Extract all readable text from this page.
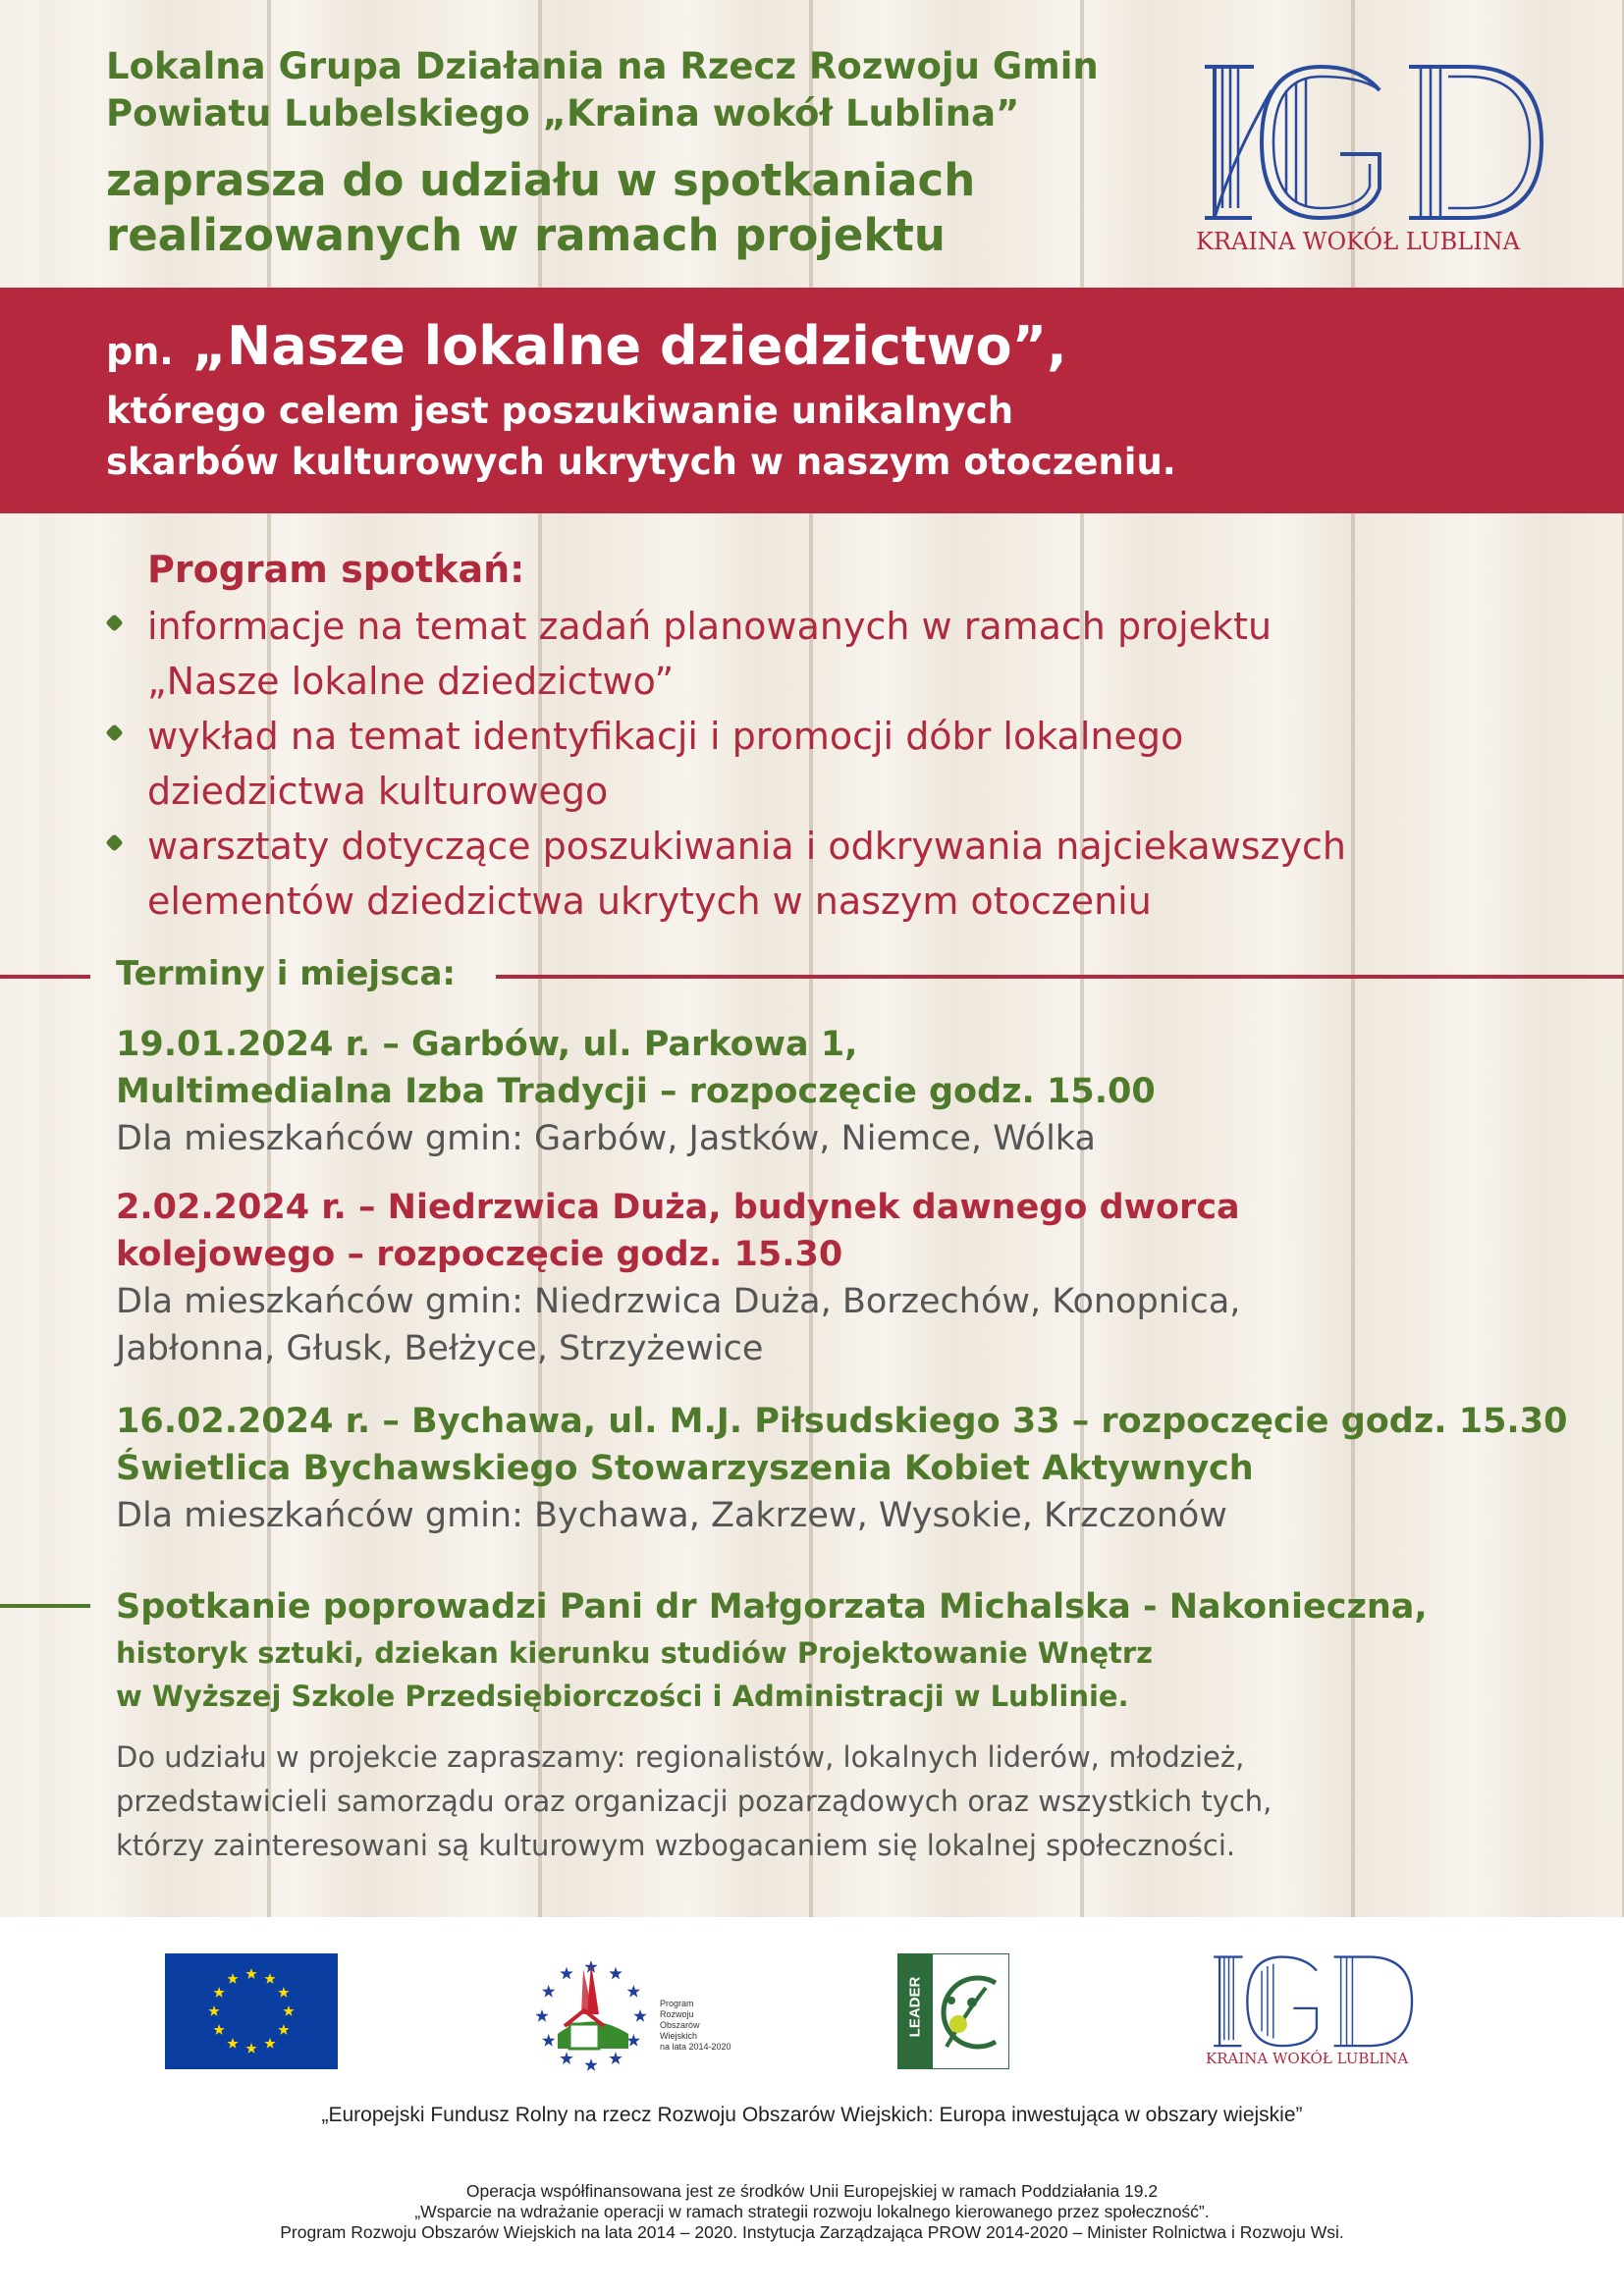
Lokalna Grupa Działania na Rzecz Rozwoju Gmin
Powiatu Lubelskiego „Kraina wokół Lublina”
zaprasza do udziału w spotkaniach
realizowanych w ramach projektu	KRAINA WOKÓŁ LUBLINA
pn. „Nasze lokalne dziedzictwo”,
którego celem jest poszukiwanie unikalnych
skarbów kulturowych ukrytych w naszym otoczeniu.
Program spotkań:
informacje na temat zadań planowanych w ramach projektu
„Nasze lokalne dziedzictwo”
wykład na temat identyfikacji i promocji dóbr lokalnego
dziedzictwa kulturowego
warsztaty dotyczące poszukiwania i odkrywania najciekawszych
elementów dziedzictwa ukrytych w naszym otoczeniu
Terminy i miejsca:
19.01.2024 r. – Garbów, ul. Parkowa 1,
Multimedialna Izba Tradycji – rozpoczęcie godz. 15.00
Dla mieszkańców gmin: Garbów, Jastków, Niemce, Wólka
2.02.2024 r. – Niedrzwica Duża, budynek dawnego dworca
kolejowego – rozpoczęcie godz. 15.30
Dla mieszkańców gmin: Niedrzwica Duża, Borzechów, Konopnica,
Jabłonna, Głusk, Bełżyce, Strzyżewice
16.02.2024 r. – Bychawa, ul. M.J. Piłsudskiego 33 – rozpoczęcie godz. 15.30
Świetlica Bychawskiego Stowarzyszenia Kobiet Aktywnych
Dla mieszkańców gmin: Bychawa, Zakrzew, Wysokie, Krzczonów
Spotkanie poprowadzi Pani dr Małgorzata Michalska - Nakonieczna,
historyk sztuki, dziekan kierunku studiów Projektowanie Wnętrz
w Wyższej Szkole Przedsiębiorczości i Administracji w Lublinie.
Do udziału w projekcie zapraszamy: regionalistów, lokalnych liderów, młodzież,
przedstawicieli samorządu oraz organizacji pozarządowych oraz wszystkich tych,
którzy zainteresowani są kulturowym wzbogacaniem się lokalnej społeczności.
Program
Rozwoju
Obszarów
Wiejskich
na lata 2014-2020
LEADER
KRAINA WOKÓŁ LUBLINA
„Europejski Fundusz Rolny na rzecz Rozwoju Obszarów Wiejskich: Europa inwestująca w obszary wiejskie”
Operacja współfinansowana jest ze środków Unii Europejskiej w ramach Poddziałania 19.2
„Wsparcie na wdrażanie operacji w ramach strategii rozwoju lokalnego kierowanego przez społeczność”.
Program Rozwoju Obszarów Wiejskich na lata 2014 – 2020. Instytucja Zarządzająca PROW 2014-2020 – Minister Rolnictwa i Rozwoju Wsi.
